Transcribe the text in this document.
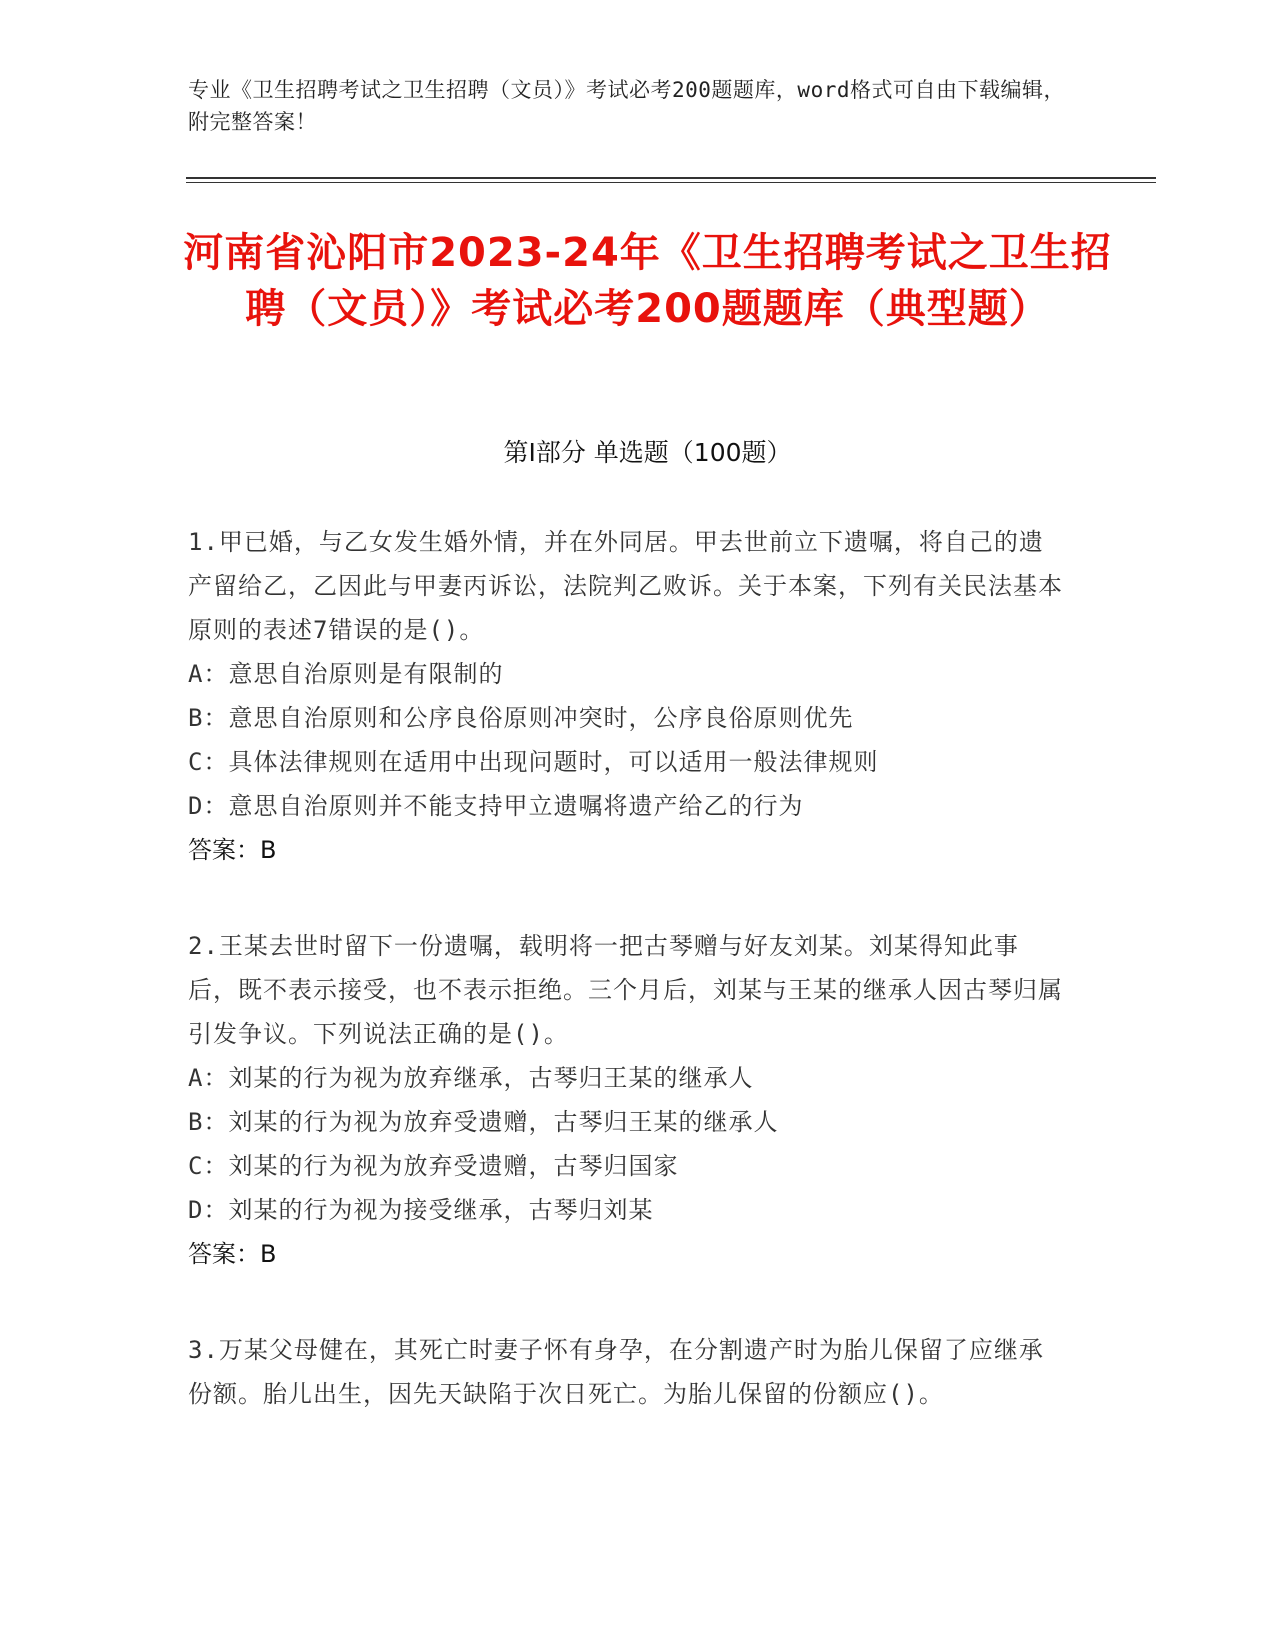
专业《卫生招聘考试之卫生招聘（文员）》考试必考200题题库，word格式可自由下载编辑，附完整答案！
河南省沁阳市2023-24年《卫生招聘考试之卫生招聘（文员）》考试必考200题题库（典型题）
第Ⅰ部分 单选题（100题）
1.甲已婚，与乙女发生婚外情，并在外同居。甲去世前立下遗嘱，将自己的遗产留给乙，乙因此与甲妻丙诉讼，法院判乙败诉。关于本案，下列有关民法基本原则的表述7错误的是()。
A：意思自治原则是有限制的
B：意思自治原则和公序良俗原则冲突时，公序良俗原则优先
C：具体法律规则在适用中出现问题时，可以适用一般法律规则
D：意思自治原则并不能支持甲立遗嘱将遗产给乙的行为
答案：B
2.王某去世时留下一份遗嘱，载明将一把古琴赠与好友刘某。刘某得知此事后，既不表示接受，也不表示拒绝。三个月后，刘某与王某的继承人因古琴归属引发争议。下列说法正确的是()。
A：刘某的行为视为放弃继承，古琴归王某的继承人
B：刘某的行为视为放弃受遗赠，古琴归王某的继承人
C：刘某的行为视为放弃受遗赠，古琴归国家
D：刘某的行为视为接受继承，古琴归刘某
答案：B
3.万某父母健在，其死亡时妻子怀有身孕，在分割遗产时为胎儿保留了应继承份额。胎儿出生，因先天缺陷于次日死亡。为胎儿保留的份额应()。
